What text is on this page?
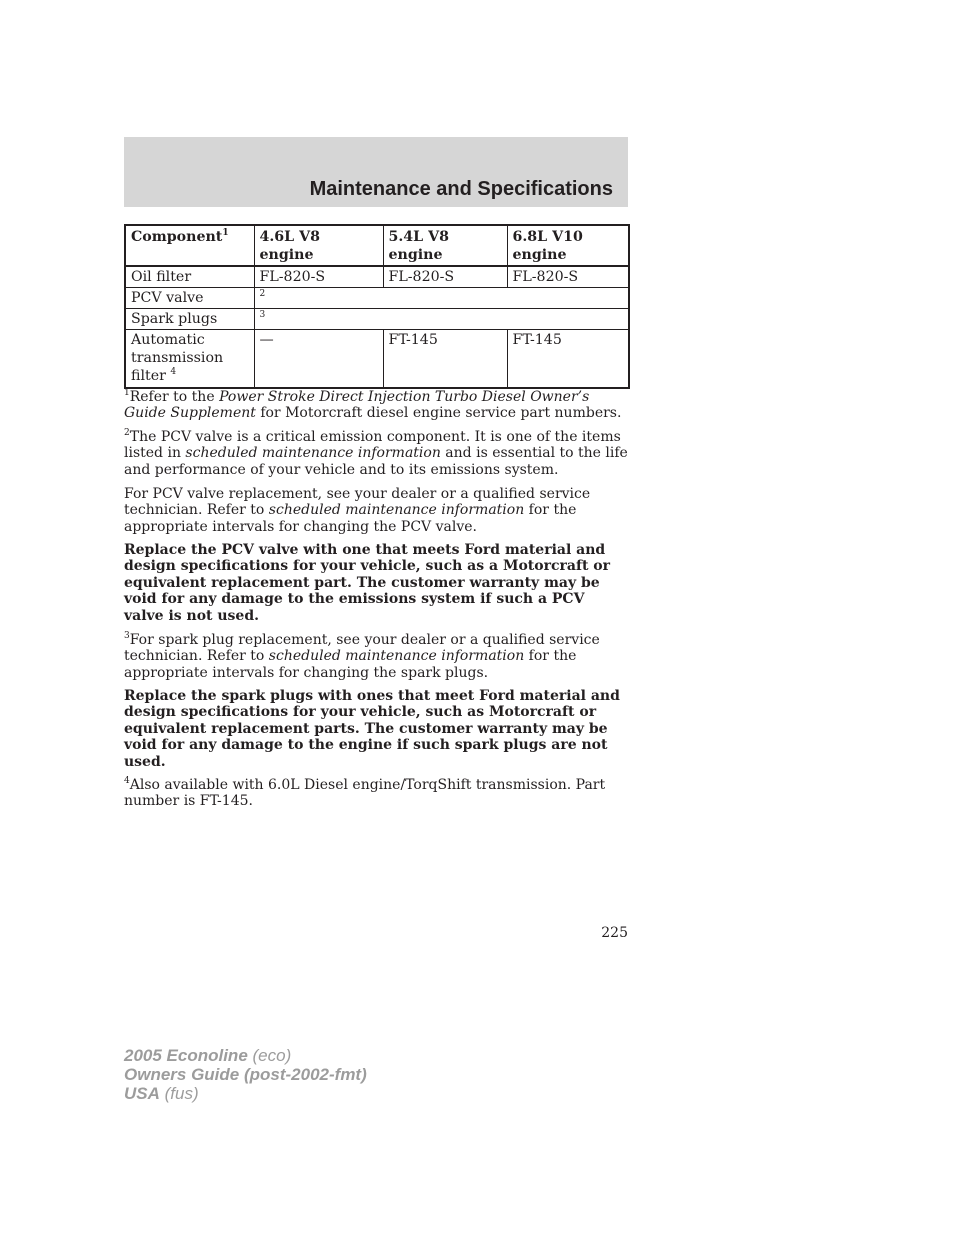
Maintenance and Specifications
Component$^1$	4.6L V8 engine	5.4L V8 engine	6.8L V10 engine
Oil filter	FL-820-S	FL-820-S	FL-820-S
PCV valve	$^2$
Spark plugs	$^3$
Automatic transmission filter $^4$	—	FT-145	FT-145

$^1$Refer to the Power Stroke Direct Injection Turbo Diesel Owner’s Guide Supplement for Motorcraft diesel engine service part numbers.

$^2$The PCV valve is a critical emission component. It is one of the items listed in scheduled maintenance information and is essential to the life and performance of your vehicle and to its emissions system.

For PCV valve replacement, see your dealer or a qualified service technician. Refer to scheduled maintenance information for the appropriate intervals for changing the PCV valve.

Replace the PCV valve with one that meets Ford material and design specifications for your vehicle, such as a Motorcraft or equivalent replacement part. The customer warranty may be void for any damage to the emissions system if such a PCV valve is not used.

$^3$For spark plug replacement, see your dealer or a qualified service technician. Refer to scheduled maintenance information for the appropriate intervals for changing the spark plugs.

Replace the spark plugs with ones that meet Ford material and design specifications for your vehicle, such as Motorcraft or equivalent replacement parts. The customer warranty may be void for any damage to the engine if such spark plugs are not used.

$^4$Also available with 6.0L Diesel engine/TorqShift transmission. Part number is FT-145.

225
2005 Econoline (eco)
Owners Guide (post-2002-fmt)
USA (fus)
